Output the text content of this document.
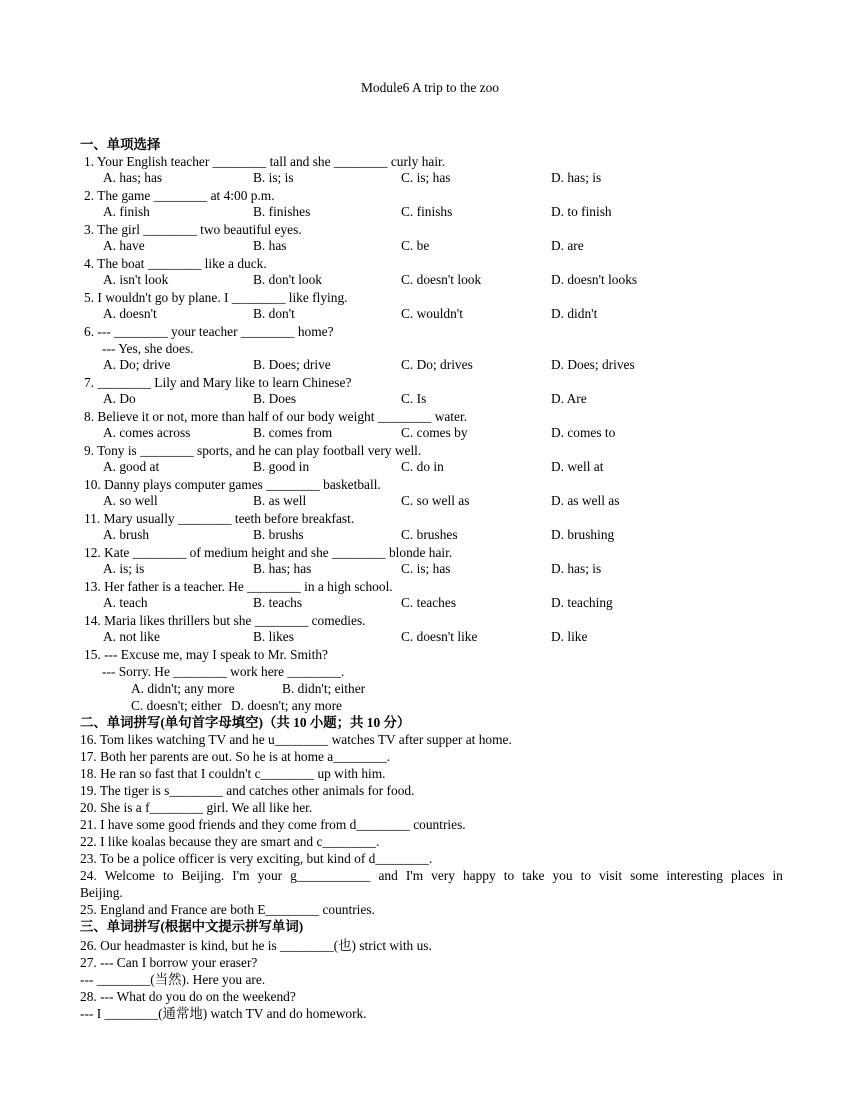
Module6 A trip to the zoo
一、单项选择
1. Your English teacher ________ tall and she ________ curly hair.
A. has; has	B. is; is	C. is; has	D. has; is
2. The game ________ at 4:00 p.m.
A. finish	B. finishes	C. finishs	D. to finish
3. The girl ________ two beautiful eyes.
A. have	B. has	C. be	D. are
4. The boat ________ like a duck.
A. isn't look	B. don't look	C. doesn't look	D. doesn't looks
5. I wouldn't go by plane. I ________ like flying.
A. doesn't	B. don't	C. wouldn't	D. didn't
6. --- ________ your teacher ________ home?
--- Yes, she does.
A. Do; drive	B. Does; drive	C. Do; drives	D. Does; drives
7. ________ Lily and Mary like to learn Chinese?
A. Do	B. Does	C. Is	D. Are
8. Believe it or not, more than half of our body weight ________ water.
A. comes across	B. comes from	C. comes by	D. comes to
9. Tony is ________ sports, and he can play football very well.
A. good at	B. good in	C. do in	D. well at
10. Danny plays computer games ________ basketball.
A. so well	B. as well	C. so well as	D. as well as
11. Mary usually ________ teeth before breakfast.
A. brush	B. brushs	C. brushes	D. brushing
12. Kate ________ of medium height and she ________ blonde hair.
A. is; is	B. has; has	C. is; has	D. has; is
13. Her father is a teacher. He ________ in a high school.
A. teach	B. teachs	C. teaches	D. teaching
14. Maria likes thrillers but she ________ comedies.
A. not like	B. likes	C. doesn't like	D. like
15. --- Excuse me, may I speak to Mr. Smith?
--- Sorry. He ________ work here ________.
A. didn't; any more	B. didn't; either
C. doesn't; either D. doesn't; any more
二、单词拼写(单句首字母填空)（共 10 小题；共 10 分）
16. Tom likes watching TV and he u________ watches TV after supper at home.
17. Both her parents are out. So he is at home a________.
18. He ran so fast that I couldn't c________ up with him.
19. The tiger is s________ and catches other animals for food.
20. She is a f________ girl. We all like her.
21. I have some good friends and they come from d________ countries.
22. I like koalas because they are smart and c________.
23. To be a police officer is very exciting, but kind of d________.
24. Welcome to Beijing. I'm your g___________ and I'm very happy to take you to visit some interesting places in
Beijing.
25. England and France are both E________ countries.
三、单词拼写(根据中文提示拼写单词)
26. Our headmaster is kind, but he is ________(也) strict with us.
27. --- Can I borrow your eraser?
--- ________(当然). Here you are.
28. --- What do you do on the weekend?
--- I ________(通常地) watch TV and do homework.
